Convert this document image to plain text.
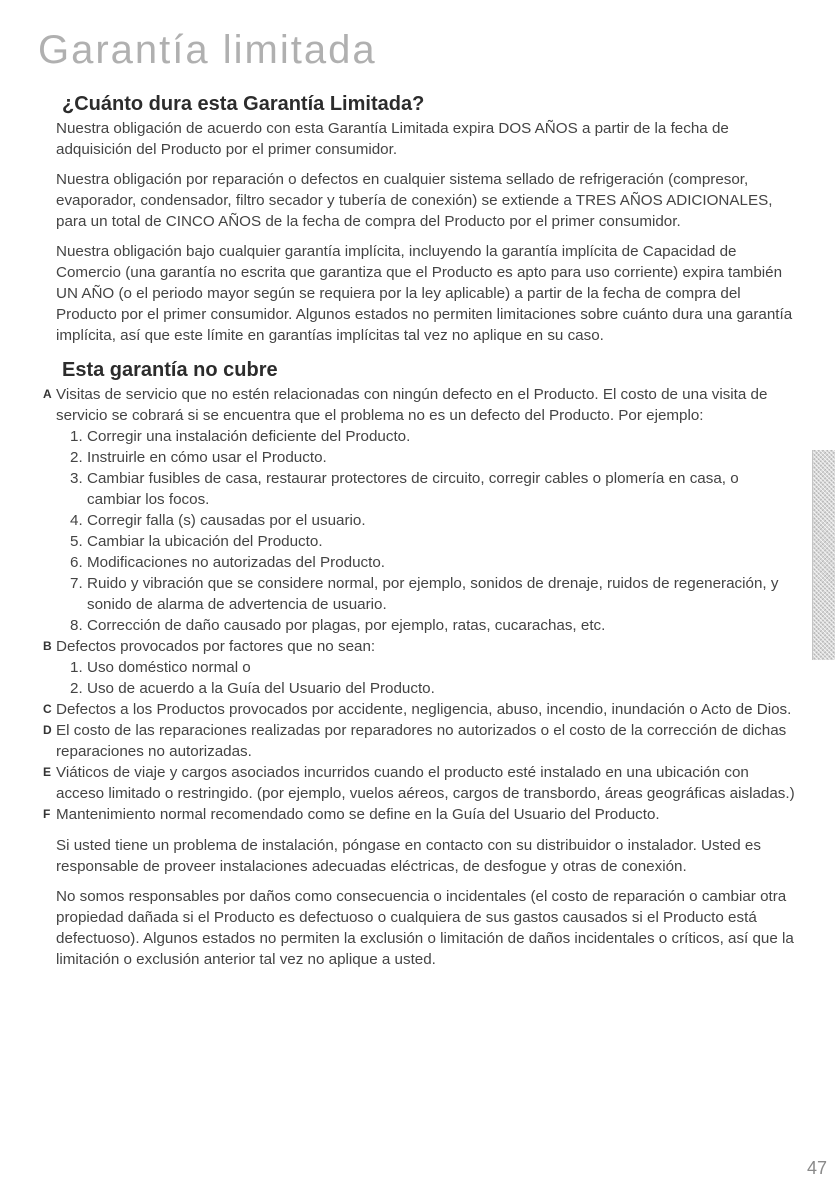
Garantía limitada
¿Cuánto dura esta Garantía Limitada?

Nuestra obligación de acuerdo con esta Garantía Limitada expira DOS AÑOS a partir de la fecha de adquisición del Producto por el primer consumidor.

Nuestra obligación por reparación o defectos en cualquier sistema sellado de refrigeración (compresor, evaporador, condensador, filtro secador y tubería de conexión) se extiende a TRES AÑOS ADICIONALES, para un total de CINCO AÑOS de la fecha de compra del Producto por el primer consumidor.

Nuestra obligación bajo cualquier garantía implícita, incluyendo la garantía implícita de Capacidad de Comercio (una garantía no escrita que garantiza que el Producto es apto para uso corriente) expira también UN AÑO (o el periodo mayor según se requiera por la ley aplicable) a partir de la fecha de compra del Producto por el primer consumidor. Algunos estados no permiten limitaciones sobre cuánto dura una garantía implícita, así que este límite en garantías implícitas tal vez no aplique en su caso.

Esta garantía no cubre

A Visitas de servicio que no estén relacionadas con ningún defecto en el Producto. El costo de una visita de servicio se cobrará si se encuentra que el problema no es un defecto del Producto. Por ejemplo:

1. Corregir una instalación deficiente del Producto.
2. Instruirle en cómo usar el Producto.
3. Cambiar fusibles de casa, restaurar protectores de circuito, corregir cables o plomería en casa, o cambiar los focos.
4. Corregir falla (s) causadas por el usuario.
5. Cambiar la ubicación del Producto.
6. Modificaciones no autorizadas del Producto.
7. Ruido y vibración que se considere normal, por ejemplo, sonidos de drenaje, ruidos de regeneración, y sonido de alarma de advertencia de usuario.
8. Corrección de daño causado por plagas, por ejemplo, ratas, cucarachas, etc.

B Defectos provocados por factores que no sean:

1. Uso doméstico normal o
2. Uso de acuerdo a la Guía del Usuario del Producto.

C Defectos a los Productos provocados por accidente, negligencia, abuso, incendio, inundación o Acto de Dios.

D El costo de las reparaciones realizadas por reparadores no autorizados o el costo de la corrección de dichas reparaciones no autorizadas.

E Viáticos de viaje y cargos asociados incurridos cuando el producto esté instalado en una ubicación con acceso limitado o restringido. (por ejemplo, vuelos aéreos, cargos de transbordo, áreas geográficas aisladas.)

F Mantenimiento normal recomendado como se define en la Guía del Usuario del Producto.

Si usted tiene un problema de instalación, póngase en contacto con su distribuidor o instalador. Usted es responsable de proveer instalaciones adecuadas eléctricas, de desfogue y otras de conexión.

No somos responsables por daños como consecuencia o incidentales (el costo de reparación o cambiar otra propiedad dañada si el Producto es defectuoso o cualquiera de sus gastos causados si el Producto está defectuoso). Algunos estados no permiten la exclusión o limitación de daños incidentales o críticos, así que la limitación o exclusión anterior tal vez no aplique a usted.

47
